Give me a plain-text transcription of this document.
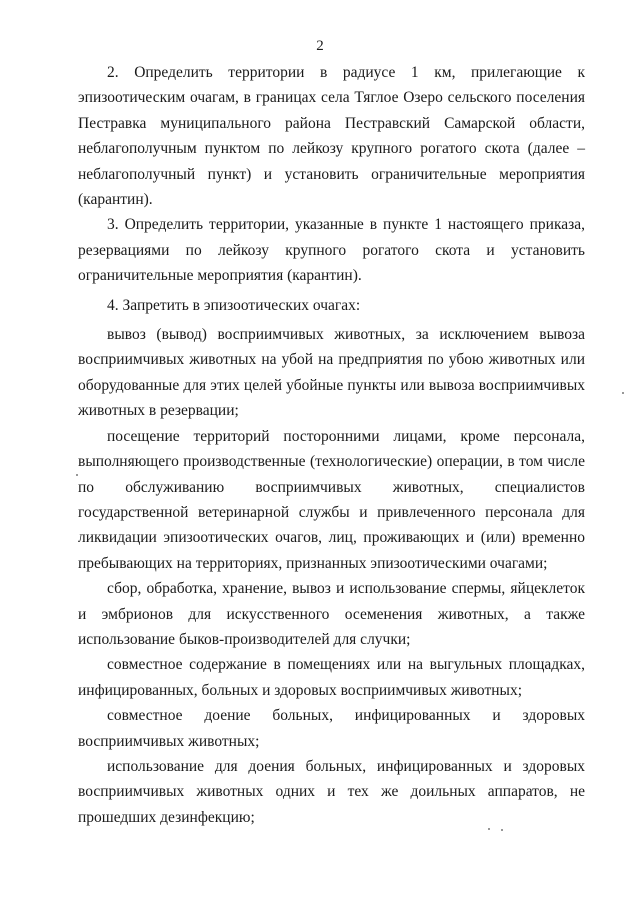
2

2. Определить территории в радиусе 1 км, прилегающие к эпизоотическим очагам, в границах села Тяглое Озеро сельского поселения Пестравка муниципального района Пестравский Самарской области, неблагополучным пунктом по лейкозу крупного рогатого скота (далее – неблагополучный пункт) и установить ограничительные мероприятия (карантин).

3. Определить территории, указанные в пункте 1 настоящего приказа, резервациями по лейкозу крупного рогатого скота и установить ограничительные мероприятия (карантин).

4. Запретить в эпизоотических очагах:

вывоз (вывод) восприимчивых животных, за исключением вывоза восприимчивых животных на убой на предприятия по убою животных или оборудованные для этих целей убойные пункты или вывоза восприимчивых животных в резервации;

посещение территорий посторонними лицами, кроме персонала, выполняющего производственные (технологические) операции, в том числе по обслуживанию восприимчивых животных, специалистов государственной ветеринарной службы и привлеченного персонала для ликвидации эпизоотических очагов, лиц, проживающих и (или) временно пребывающих на территориях, признанных эпизоотическими очагами;

сбор, обработка, хранение, вывоз и использование спермы, яйцеклеток и эмбрионов для искусственного осеменения животных, а также использование быков-производителей для случки;

совместное содержание в помещениях или на выгульных площадках, инфицированных, больных и здоровых восприимчивых животных;

совместное доение больных, инфицированных и здоровых восприимчивых животных;

использование для доения больных, инфицированных и здоровых восприимчивых животных одних и тех же доильных аппаратов, не прошедших дезинфекцию;
